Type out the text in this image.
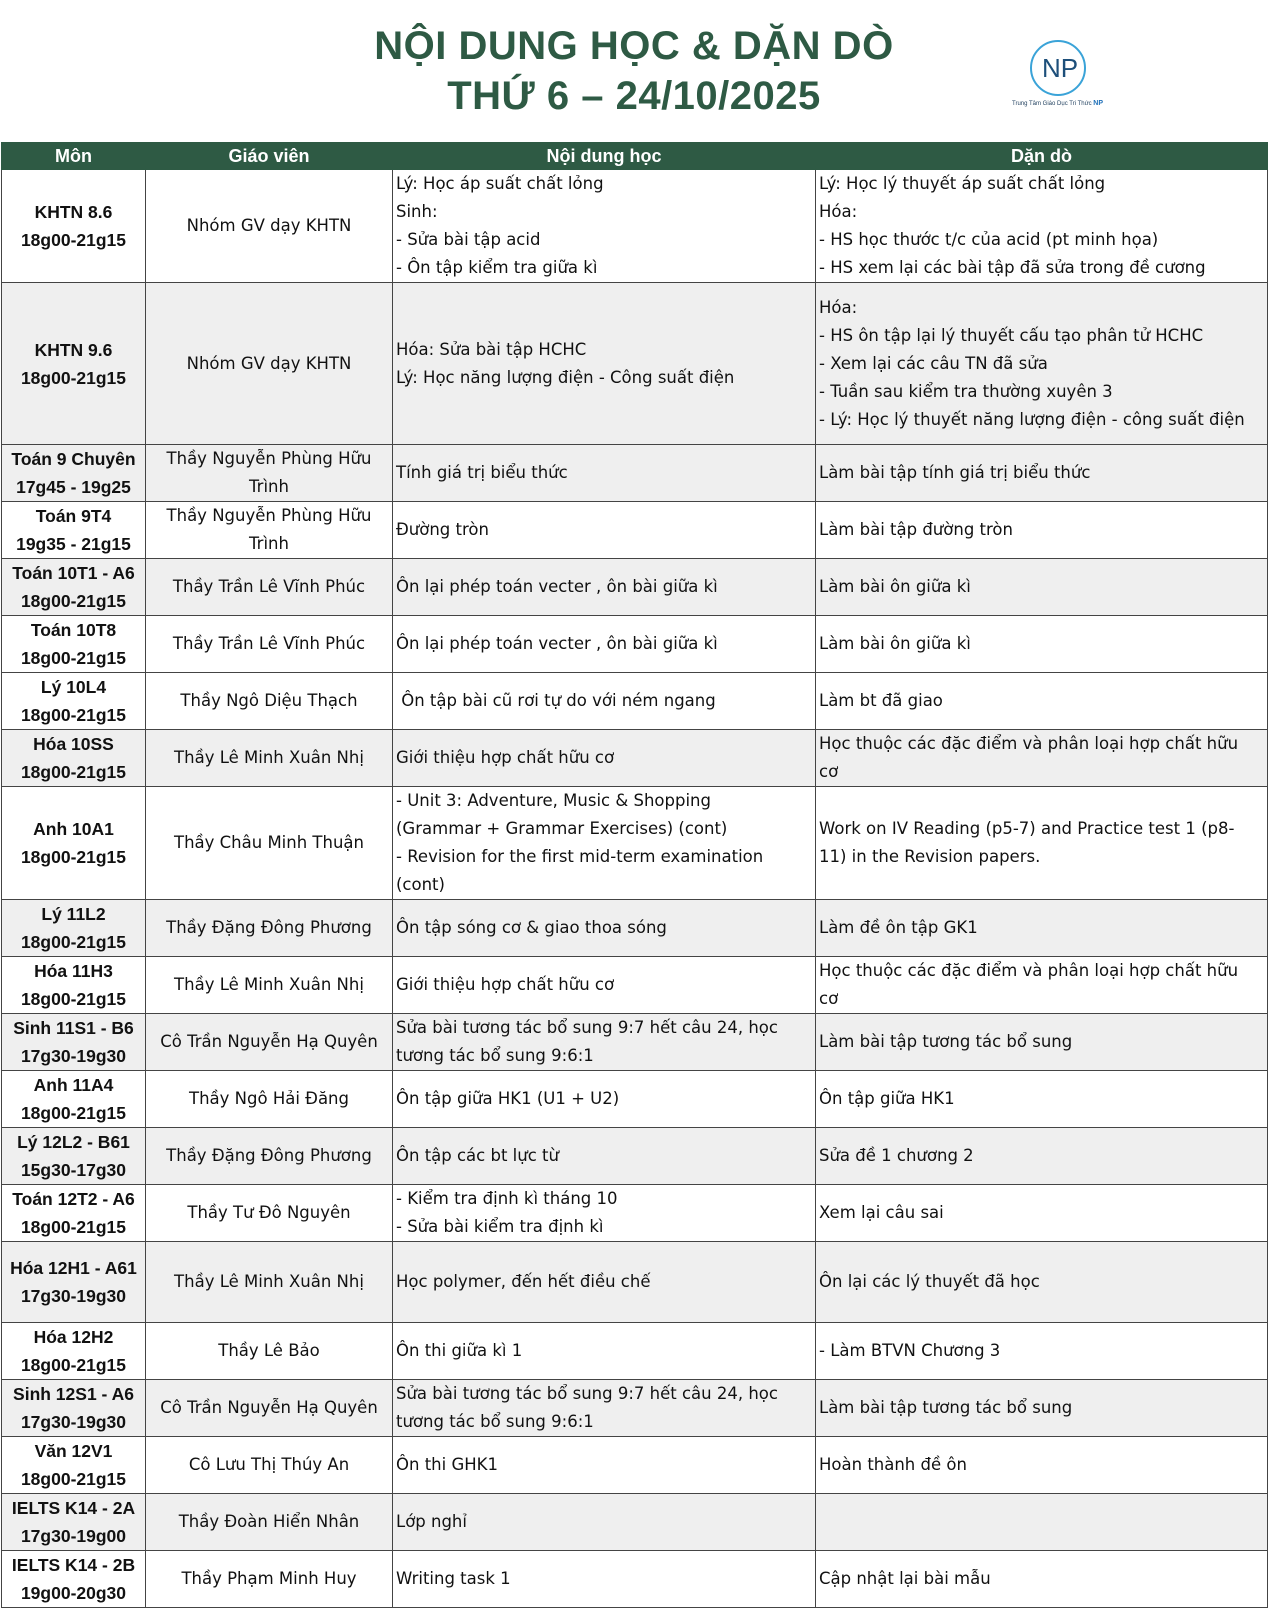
NỘI DUNG HỌC & DẶN DÒ
THỨ 6 – 24/10/2025
NP
Trung Tâm Giáo Dục Tri Thức NP
Môn	Giáo viên	Nội dung học	Dặn dò

KHTN 8.6
18g00-21g15	Nhóm GV dạy KHTN	Lý: Học áp suất chất lỏng
Sinh:
- Sửa bài tập acid
- Ôn tập kiểm tra giữa kì	Lý: Học lý thuyết áp suất chất lỏng
Hóa:
- HS học thước t/c của acid (pt minh họa)
- HS xem lại các bài tập đã sửa trong đề cương

KHTN 9.6
18g00-21g15	Nhóm GV dạy KHTN	Hóa: Sửa bài tập HCHC
Lý: Học năng lượng điện - Công suất điện	Hóa:
- HS ôn tập lại lý thuyết cấu tạo phân tử HCHC
- Xem lại các câu TN đã sửa
- Tuần sau kiểm tra thường xuyên 3
- Lý: Học lý thuyết năng lượng điện - công suất điện

Toán 9 Chuyên
17g45 - 19g25	Thầy Nguyễn Phùng Hữu Trình	Tính giá trị biểu thức	Làm bài tập tính giá trị biểu thức

Toán 9T4
19g35 - 21g15	Thầy Nguyễn Phùng Hữu Trình	Đường tròn	Làm bài tập đường tròn

Toán 10T1 - A6
18g00-21g15	Thầy Trần Lê Vĩnh Phúc	Ôn lại phép toán vecter , ôn bài giữa kì	Làm bài ôn giữa kì

Toán 10T8
18g00-21g15	Thầy Trần Lê Vĩnh Phúc	Ôn lại phép toán vecter , ôn bài giữa kì	Làm bài ôn giữa kì

Lý 10L4
18g00-21g15	Thầy Ngô Diệu Thạch	Ôn tập bài cũ rơi tự do với ném ngang	Làm bt đã giao

Hóa 10SS
18g00-21g15	Thầy Lê Minh Xuân Nhị	Giới thiệu hợp chất hữu cơ	Học thuộc các đặc điểm và phân loại hợp chất hữu
cơ

Anh 10A1
18g00-21g15	Thầy Châu Minh Thuận	- Unit 3: Adventure, Music & Shopping
(Grammar + Grammar Exercises) (cont)
- Revision for the first mid-term examination
(cont)	Work on IV Reading (p5-7) and Practice test 1 (p8-
11) in the Revision papers.

Lý 11L2
18g00-21g15	Thầy Đặng Đông Phương	Ôn tập sóng cơ & giao thoa sóng	Làm đề ôn tập GK1

Hóa 11H3
18g00-21g15	Thầy Lê Minh Xuân Nhị	Giới thiệu hợp chất hữu cơ	Học thuộc các đặc điểm và phân loại hợp chất hữu
cơ

Sinh 11S1 - B6
17g30-19g30	Cô Trần Nguyễn Hạ Quyên	Sửa bài tương tác bổ sung 9:7 hết câu 24, học
tương tác bổ sung 9:6:1	Làm bài tập tương tác bổ sung

Anh 11A4
18g00-21g15	Thầy Ngô Hải Đăng	Ôn tập giữa HK1 (U1 + U2)	Ôn tập giữa HK1

Lý 12L2 - B61
15g30-17g30	Thầy Đặng Đông Phương	Ôn tập các bt lực từ	Sửa đề 1 chương 2

Toán 12T2 - A6
18g00-21g15	Thầy Tư Đô Nguyên	- Kiểm tra định kì tháng 10
- Sửa bài kiểm tra định kì	Xem lại câu sai

Hóa 12H1 - A61
17g30-19g30	Thầy Lê Minh Xuân Nhị	Học polymer, đến hết điều chế	Ôn lại các lý thuyết đã học

Hóa 12H2
18g00-21g15	Thầy Lê Bảo	Ôn thi giữa kì 1	- Làm BTVN Chương 3

Sinh 12S1 - A6
17g30-19g30	Cô Trần Nguyễn Hạ Quyên	Sửa bài tương tác bổ sung 9:7 hết câu 24, học
tương tác bổ sung 9:6:1	Làm bài tập tương tác bổ sung

Văn 12V1
18g00-21g15	Cô Lưu Thị Thúy An	Ôn thi GHK1	Hoàn thành đề ôn

IELTS K14 - 2A
17g30-19g00	Thầy Đoàn Hiển Nhân	Lớp nghỉ	

IELTS K14 - 2B
19g00-20g30	Thầy Phạm Minh Huy	Writing task 1	Cập nhật lại bài mẫu
